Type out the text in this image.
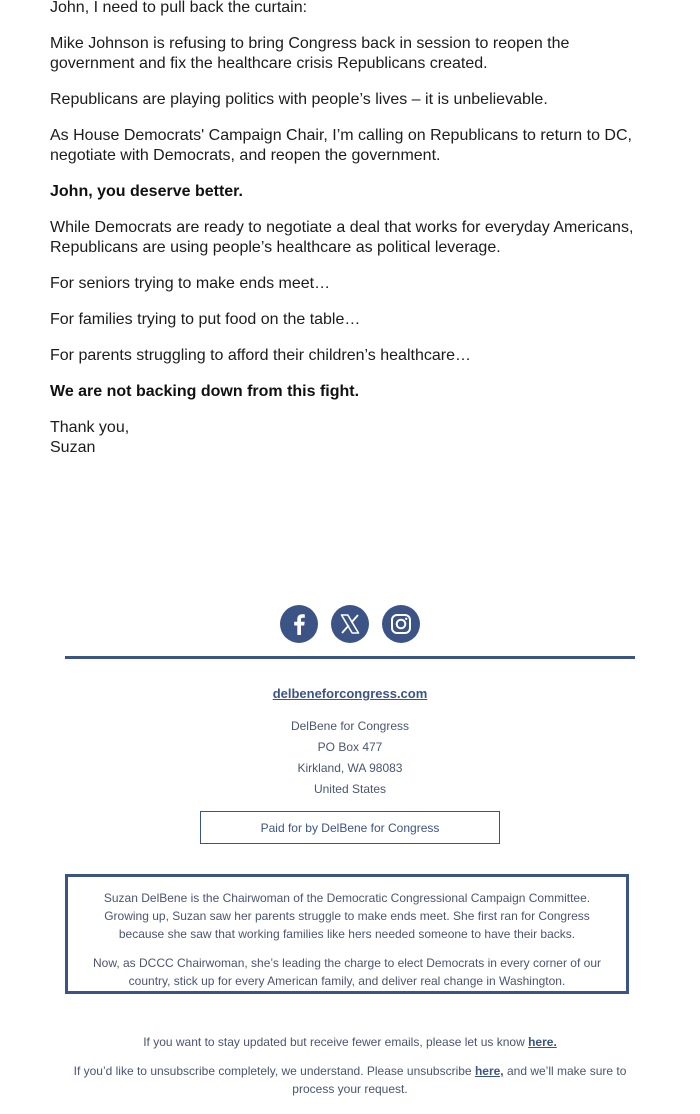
John, I need to pull back the curtain:

Mike Johnson is refusing to bring Congress back in session to reopen the government and fix the healthcare crisis Republicans created.

Republicans are playing politics with people’s lives – it is unbelievable.

As House Democrats' Campaign Chair, I’m calling on Republicans to return to DC, negotiate with Democrats, and reopen the government.

John, you deserve better.

While Democrats are ready to negotiate a deal that works for everyday Americans, Republicans are using people’s healthcare as political leverage.

For seniors trying to make ends meet…

For families trying to put food on the table…

For parents struggling to afford their children’s healthcare…

We are not backing down from this fight.

Thank you,
Suzan
delbeneforcongress.com
DelBene for Congress
PO Box 477
Kirkland, WA 98083
United States
Paid for by DelBene for Congress

Suzan DelBene is the Chairwoman of the Democratic Congressional Campaign Committee. Growing up, Suzan saw her parents struggle to make ends meet. She first ran for Congress because she saw that working families like hers needed someone to have their backs.

Now, as DCCC Chairwoman, she’s leading the charge to elect Democrats in every corner of our country, stick up for every American family, and deliver real change in Washington.

If you want to stay updated but receive fewer emails, please let us know here.

If you’d like to unsubscribe completely, we understand. Please unsubscribe here, and we’ll make sure to process your request.
